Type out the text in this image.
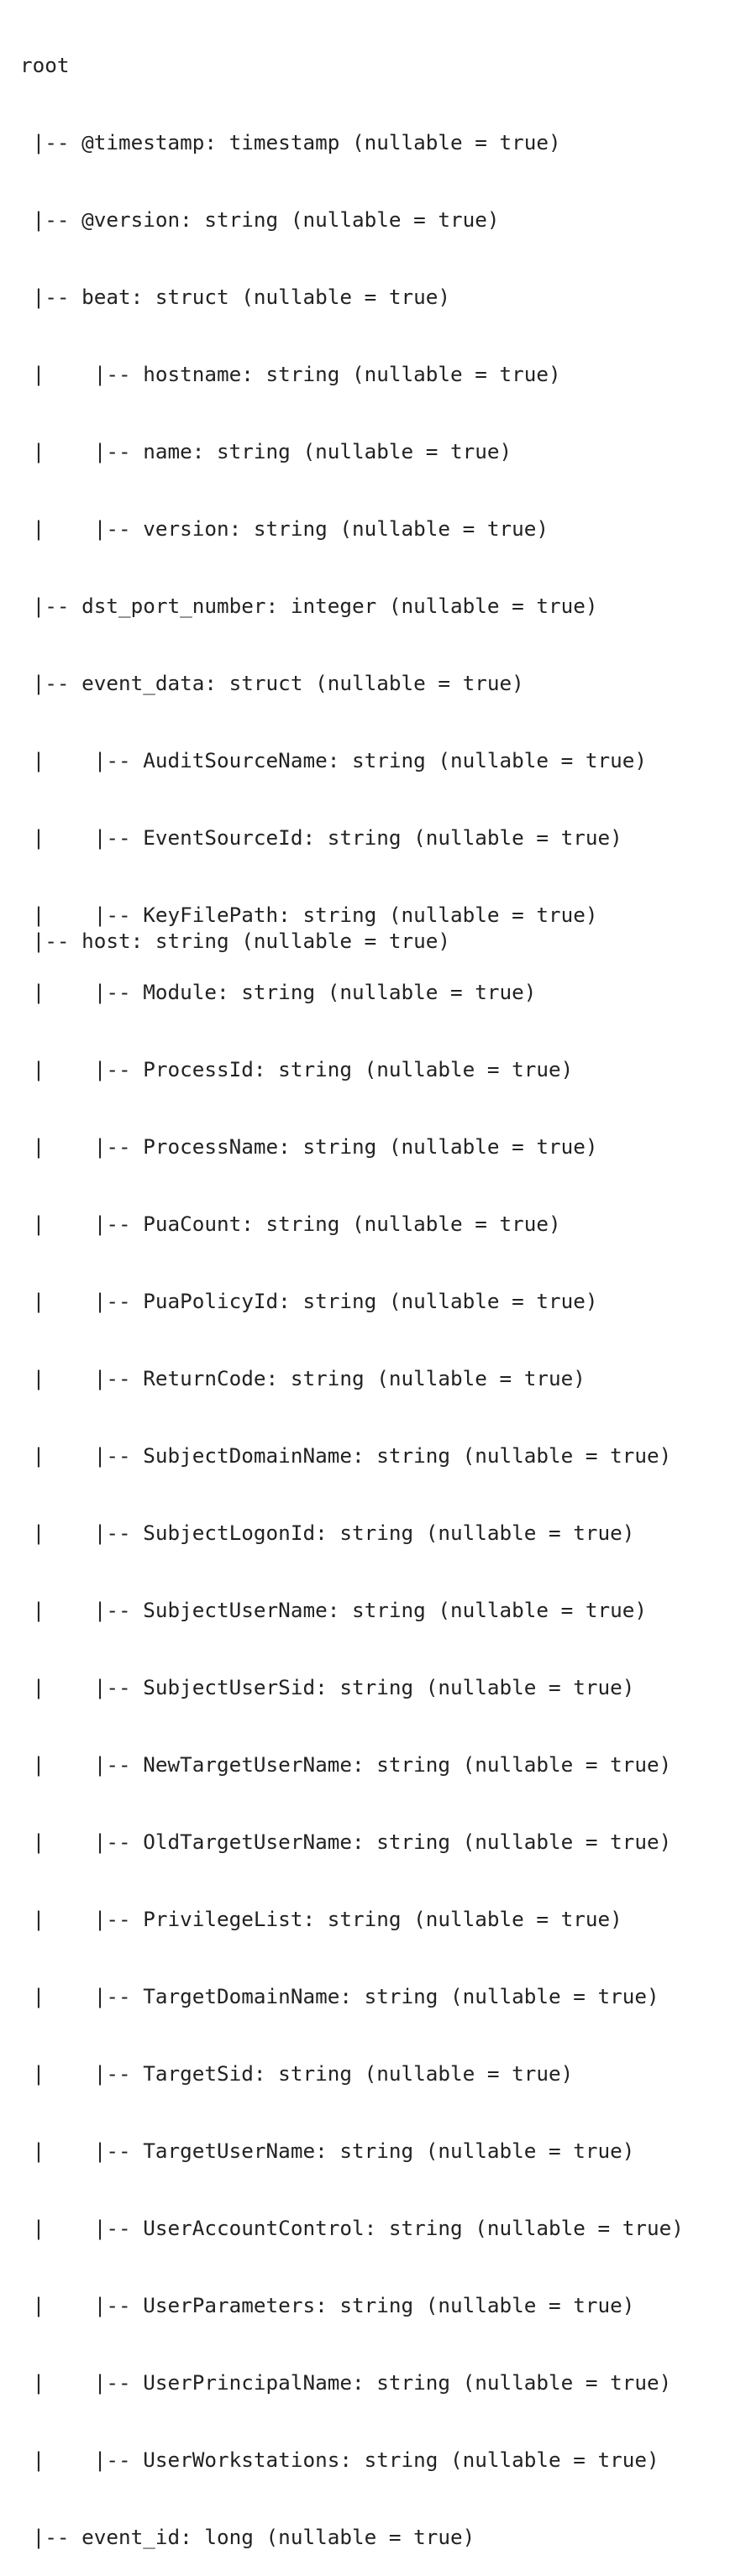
root

|-- @timestamp: timestamp (nullable = true)

|-- @version: string (nullable = true)

|-- beat: struct (nullable = true)

|    |-- hostname: string (nullable = true)

|    |-- name: string (nullable = true)

|    |-- version: string (nullable = true)

|-- dst_port_number: integer (nullable = true)

|-- event_data: struct (nullable = true)

|    |-- AuditSourceName: string (nullable = true)

|    |-- EventSourceId: string (nullable = true)

|    |-- KeyFilePath: string (nullable = true)

|    |-- Module: string (nullable = true)

|    |-- ProcessId: string (nullable = true)

|    |-- ProcessName: string (nullable = true)

|    |-- PuaCount: string (nullable = true)

|    |-- PuaPolicyId: string (nullable = true)

|    |-- ReturnCode: string (nullable = true)

|    |-- SubjectDomainName: string (nullable = true)

|    |-- SubjectLogonId: string (nullable = true)

|    |-- SubjectUserName: string (nullable = true)

|    |-- SubjectUserSid: string (nullable = true)

|    |-- NewTargetUserName: string (nullable = true)

|    |-- OldTargetUserName: string (nullable = true)

|    |-- PrivilegeList: string (nullable = true)

|    |-- TargetDomainName: string (nullable = true)

|    |-- TargetSid: string (nullable = true)

|    |-- TargetUserName: string (nullable = true)

|    |-- UserAccountControl: string (nullable = true)

|    |-- UserParameters: string (nullable = true)

|    |-- UserPrincipalName: string (nullable = true)

|    |-- UserWorkstations: string (nullable = true)

|-- event_id: long (nullable = true)

|-- host: string (nullable = true)
